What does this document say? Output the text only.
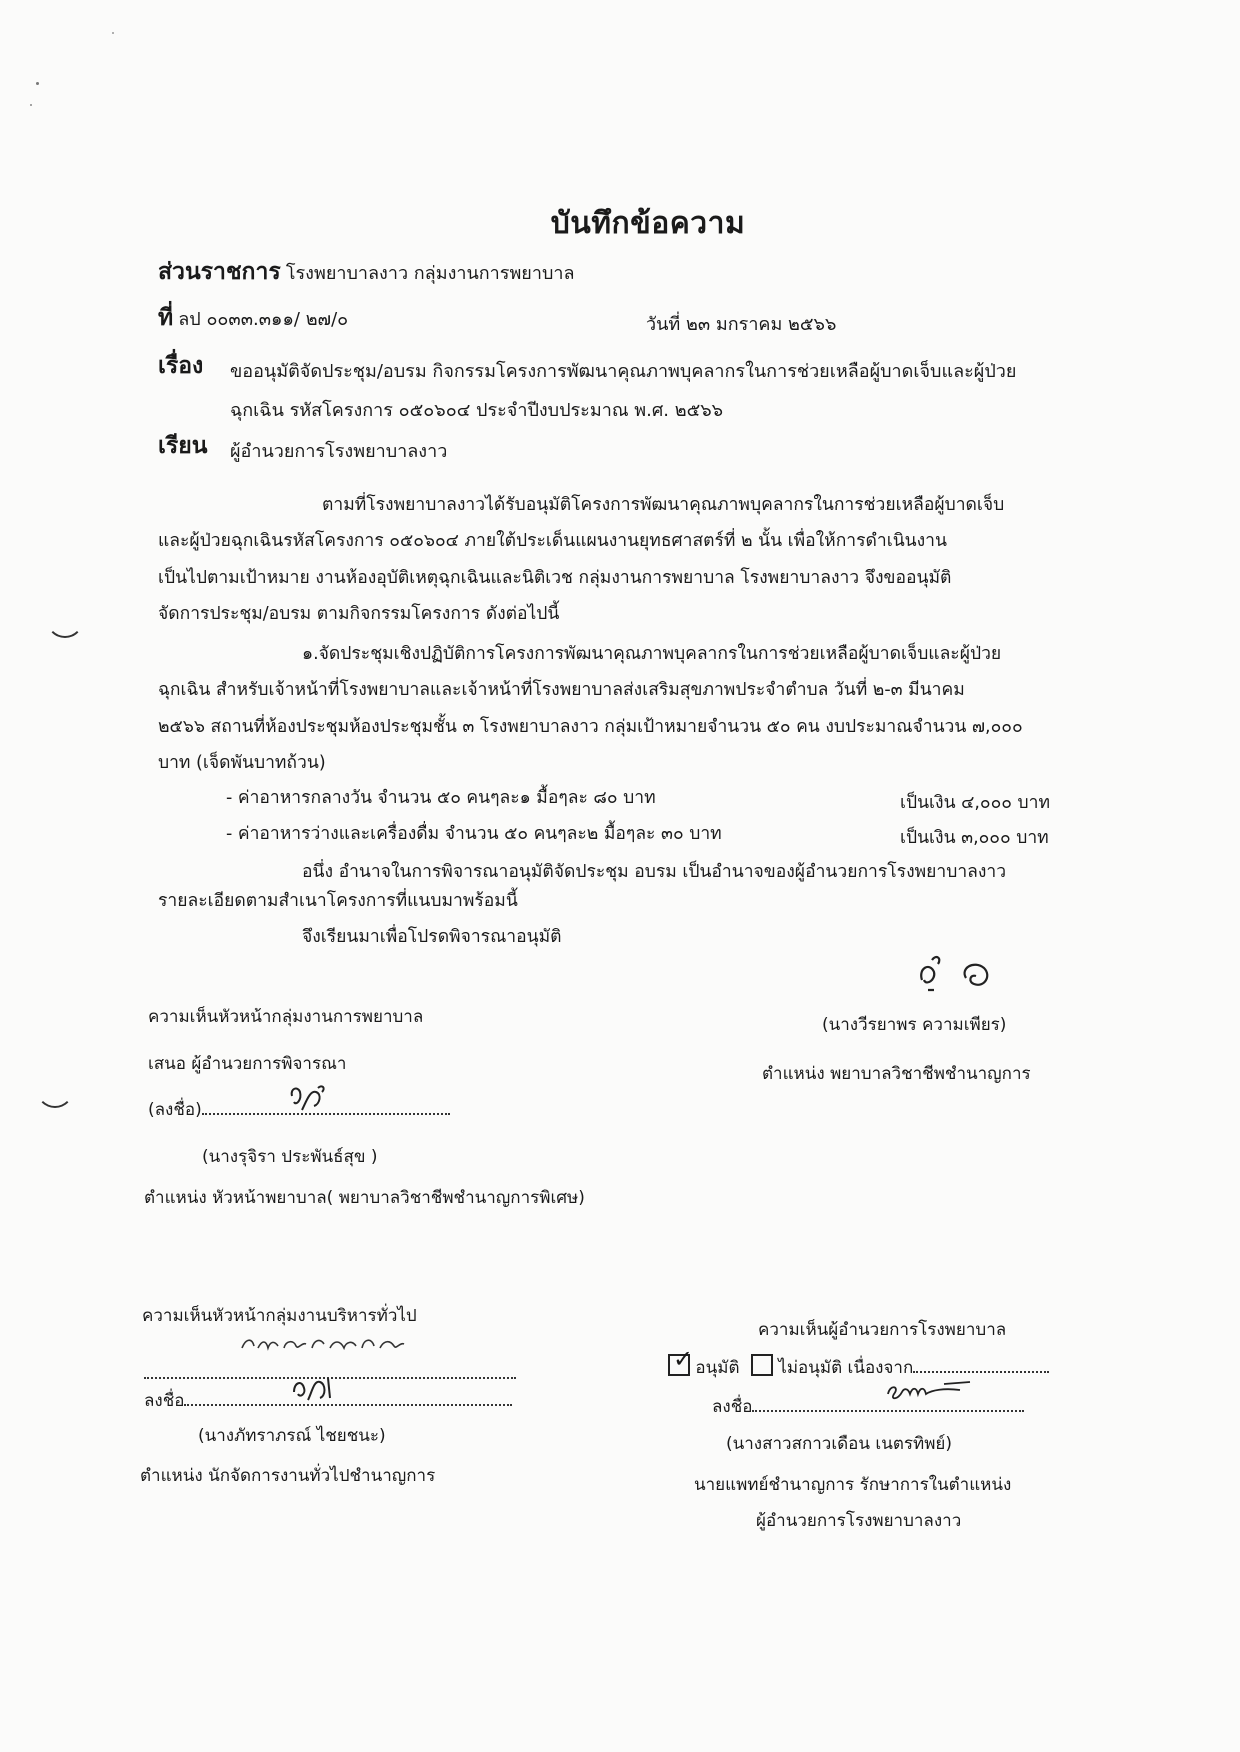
บันทึกข้อความ
ส่วนราชการ โรงพยาบาลงาว กลุ่มงานการพยาบาล
ที่ ลป ๐๐๓๓.๓๑๑/ ๒๗/๐	วันที่ ๒๓ มกราคม ๒๕๖๖
เรื่อง ขออนุมัติจัดประชุม/อบรม กิจกรรมโครงการพัฒนาคุณภาพบุคลากรในการช่วยเหลือผู้บาดเจ็บและผู้ป่วย
ฉุกเฉิน รหัสโครงการ ๐๕๐๖๐๔ ประจำปีงบประมาณ พ.ศ. ๒๕๖๖
เรียน ผู้อำนวยการโรงพยาบาลงาว
ตามที่โรงพยาบาลงาวได้รับอนุมัติโครงการพัฒนาคุณภาพบุคลากรในการช่วยเหลือผู้บาดเจ็บ
และผู้ป่วยฉุกเฉินรหัสโครงการ ๐๕๐๖๐๔ ภายใต้ประเด็นแผนงานยุทธศาสตร์ที่ ๒ นั้น เพื่อให้การดำเนินงาน
เป็นไปตามเป้าหมาย งานห้องอุบัติเหตุฉุกเฉินและนิติเวช กลุ่มงานการพยาบาล โรงพยาบาลงาว จึงขออนุมัติ
จัดการประชุม/อบรม ตามกิจกรรมโครงการ ดังต่อไปนี้
๑.จัดประชุมเชิงปฏิบัติการโครงการพัฒนาคุณภาพบุคลากรในการช่วยเหลือผู้บาดเจ็บและผู้ป่วย
ฉุกเฉิน สำหรับเจ้าหน้าที่โรงพยาบาลและเจ้าหน้าที่โรงพยาบาลส่งเสริมสุขภาพประจำตำบล วันที่ ๒-๓ มีนาคม
๒๕๖๖ สถานที่ห้องประชุมห้องประชุมชั้น ๓ โรงพยาบาลงาว กลุ่มเป้าหมายจำนวน ๕๐ คน งบประมาณจำนวน ๗,๐๐๐
บาท (เจ็ดพันบาทถ้วน)
- ค่าอาหารกลางวัน จำนวน ๕๐ คนๆละ๑ มื้อๆละ ๘๐ บาท	เป็นเงิน ๔,๐๐๐ บาท
- ค่าอาหารว่างและเครื่องดื่ม จำนวน ๕๐ คนๆละ๒ มื้อๆละ ๓๐ บาท	เป็นเงิน ๓,๐๐๐ บาท
อนึ่ง อำนาจในการพิจารณาอนุมัติจัดประชุม อบรม เป็นอำนาจของผู้อำนวยการโรงพยาบาลงาว
รายละเอียดตามสำเนาโครงการที่แนบมาพร้อมนี้
จึงเรียนมาเพื่อโปรดพิจารณาอนุมัติ
(นางวีรยาพร ความเพียร)
ตำแหน่ง พยาบาลวิชาชีพชำนาญการ
ความเห็นหัวหน้ากลุ่มงานการพยาบาล
เสนอ ผู้อำนวยการพิจารณา
(ลงชื่อ)
(นางรุจิรา ประพันธ์สุข )
ตำแหน่ง หัวหน้าพยาบาล( พยาบาลวิชาชีพชำนาญการพิเศษ)
ความเห็นหัวหน้ากลุ่มงานบริหารทั่วไป
ลงชื่อ
(นางภัทราภรณ์ ไชยชนะ)
ตำแหน่ง นักจัดการงานทั่วไปชำนาญการ
ความเห็นผู้อำนวยการโรงพยาบาล
✓ อนุมัติ ไม่อนุมัติ เนื่องจาก
ลงชื่อ
(นางสาวสกาวเดือน เนตรทิพย์)
นายแพทย์ชำนาญการ รักษาการในตำแหน่ง
ผู้อำนวยการโรงพยาบาลงาว
